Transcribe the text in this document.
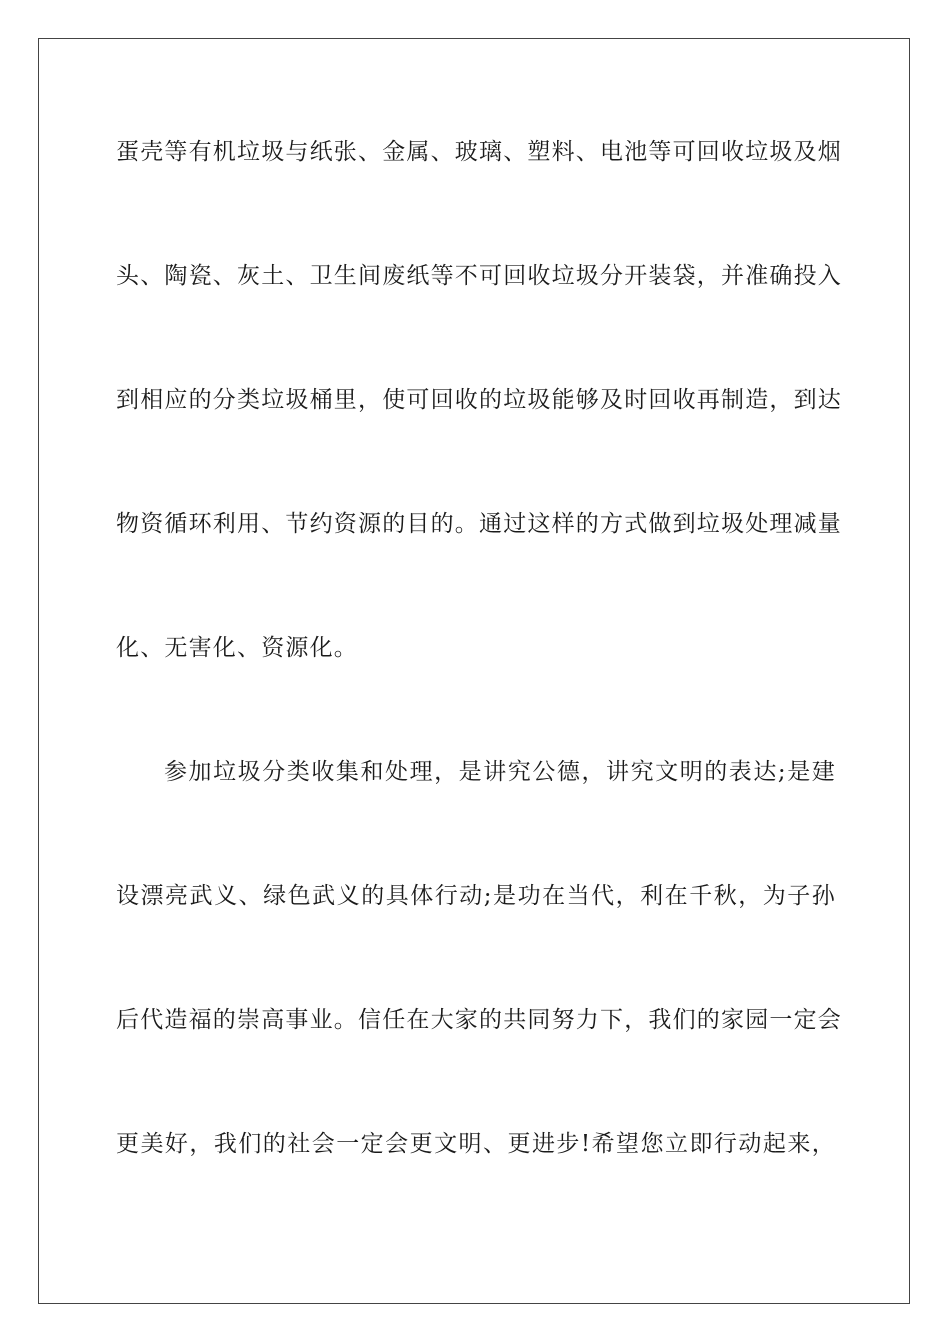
蛋壳等有机垃圾与纸张、金属、玻璃、塑料、电池等可回收垃圾及烟
头、陶瓷、灰土、卫生间废纸等不可回收垃圾分开装袋，并准确投入
到相应的分类垃圾桶里，使可回收的垃圾能够及时回收再制造，到达
物资循环利用、节约资源的目的。通过这样的方式做到垃圾处理减量
化、无害化、资源化。
参加垃圾分类收集和处理，是讲究公德，讲究文明的表达;是建
设漂亮武义、绿色武义的具体行动;是功在当代，利在千秋，为子孙
后代造福的崇高事业。信任在大家的共同努力下，我们的家园一定会
更美好，我们的社会一定会更文明、更进步!希望您立即行动起来，
